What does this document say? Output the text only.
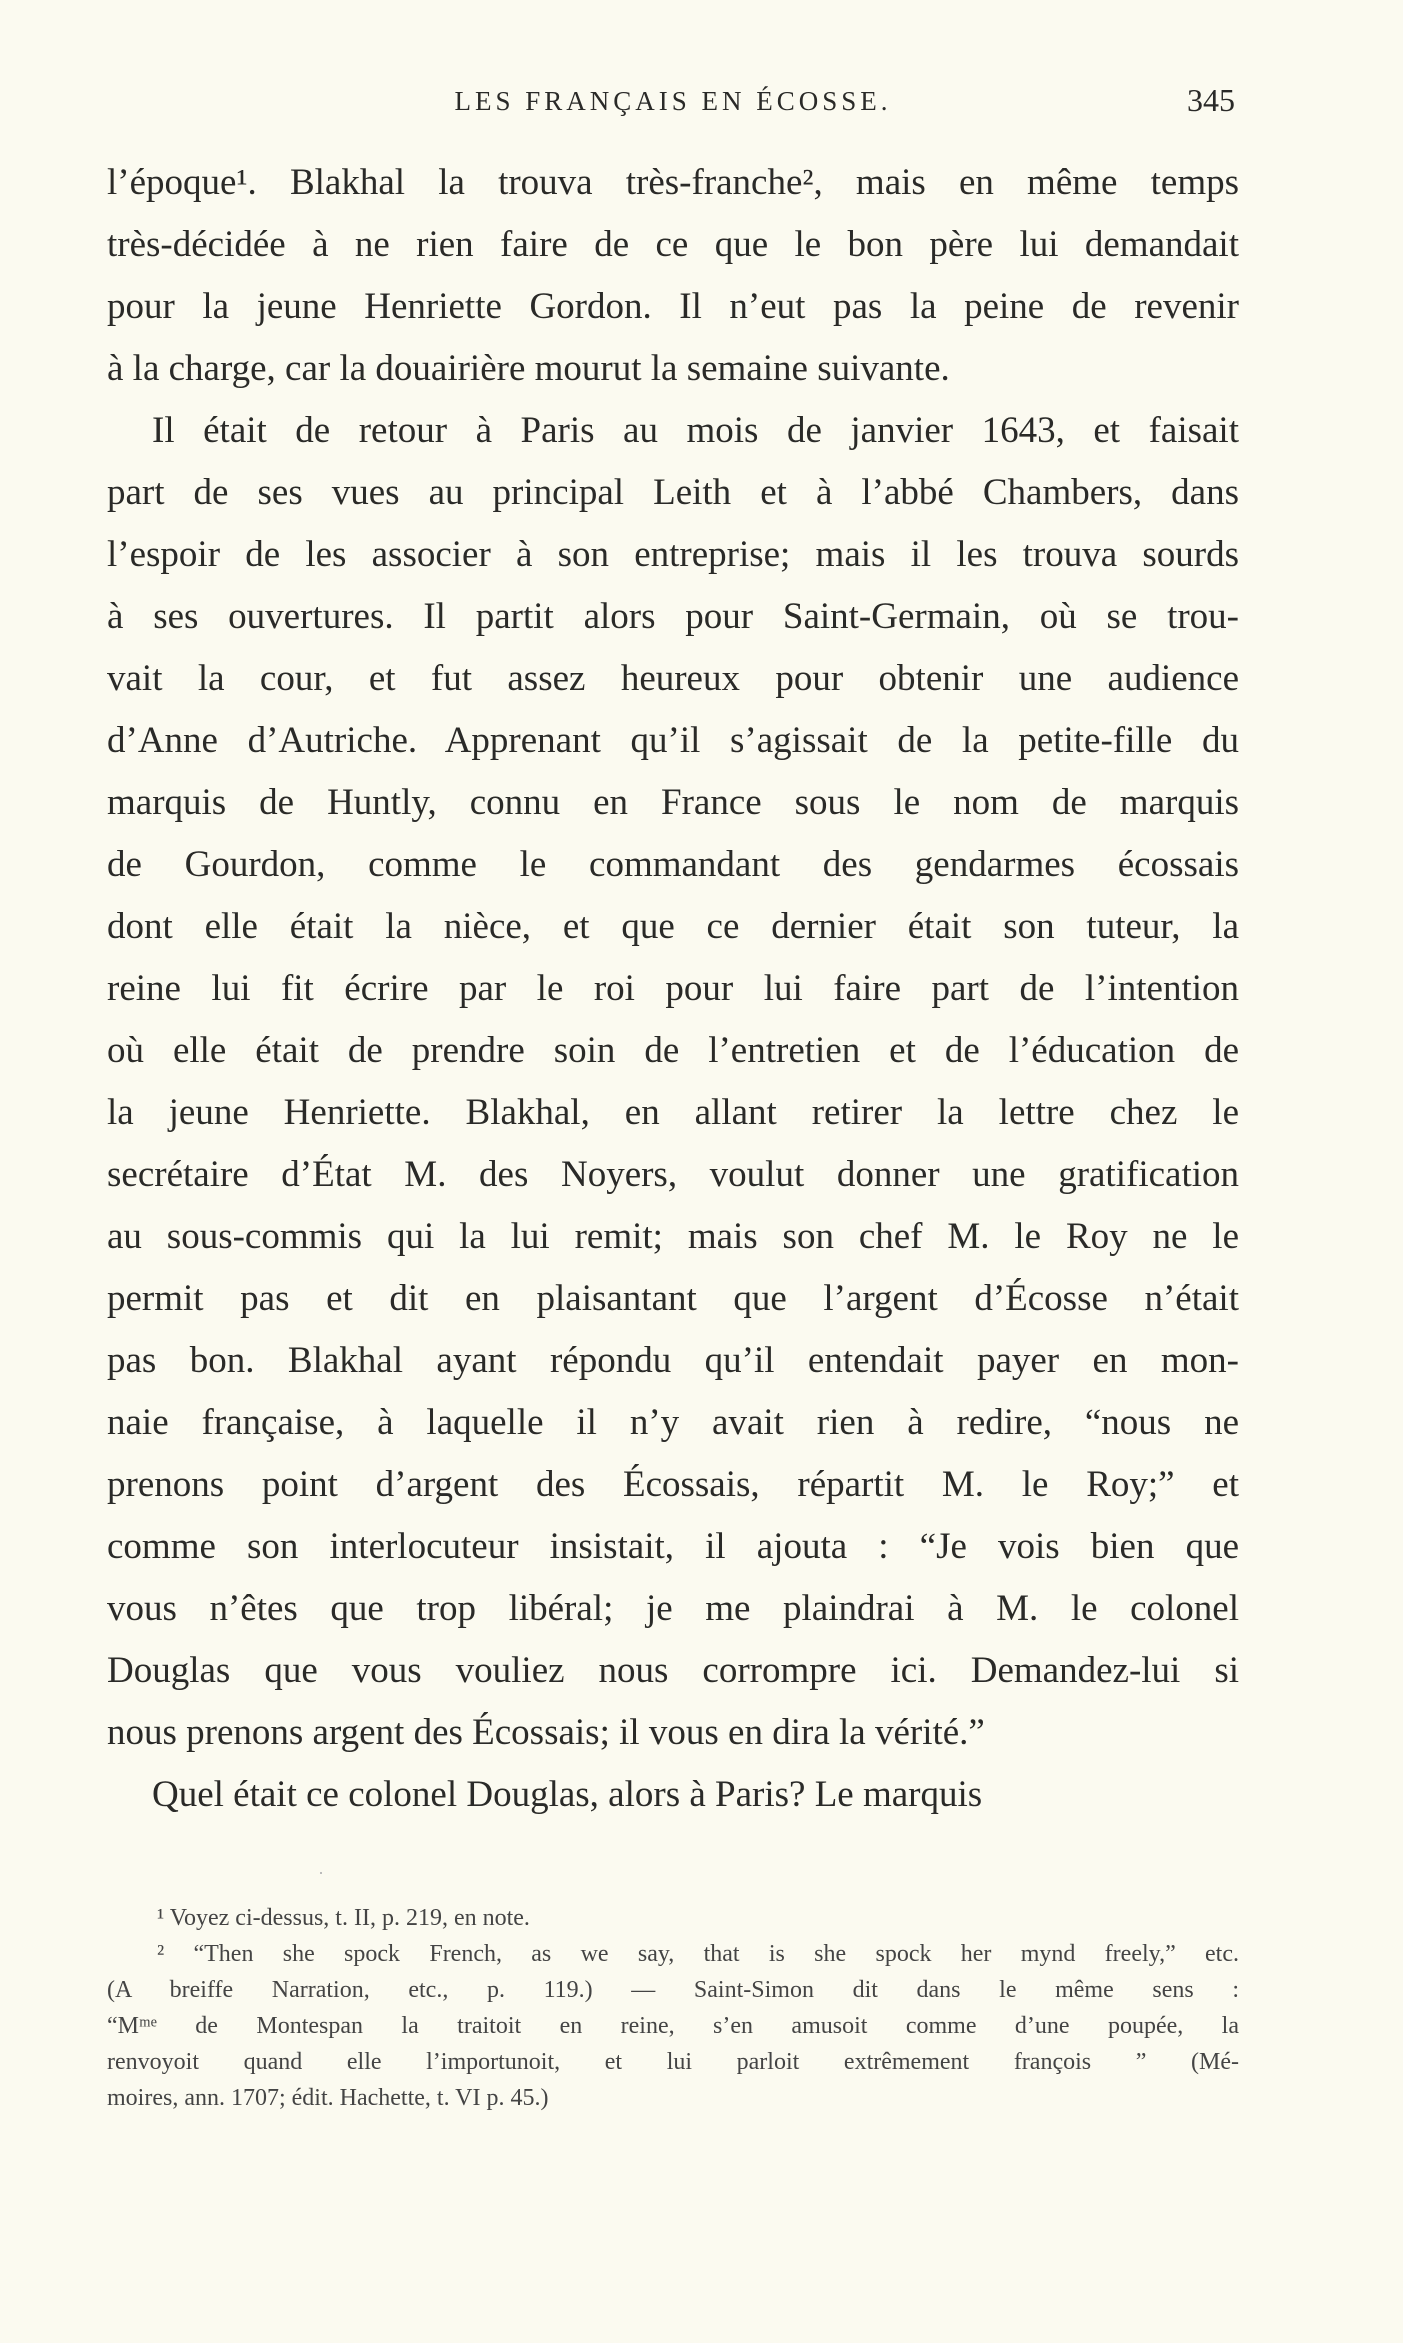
LES FRANÇAIS EN ÉCOSSE.	345
l’époque¹. Blakhal la trouva très-franche², mais en même temps
très-décidée à ne rien faire de ce que le bon père lui demandait
pour la jeune Henriette Gordon. Il n’eut pas la peine de revenir
à la charge, car la douairière mourut la semaine suivante.
Il était de retour à Paris au mois de janvier 1643, et faisait
part de ses vues au principal Leith et à l’abbé Chambers, dans
l’espoir de les associer à son entreprise; mais il les trouva sourds
à ses ouvertures. Il partit alors pour Saint-Germain, où se trou-
vait la cour, et fut assez heureux pour obtenir une audience
d’Anne d’Autriche. Apprenant qu’il s’agissait de la petite-fille du
marquis de Huntly, connu en France sous le nom de marquis
de Gourdon, comme le commandant des gendarmes écossais
dont elle était la nièce, et que ce dernier était son tuteur, la
reine lui fit écrire par le roi pour lui faire part de l’intention
où elle était de prendre soin de l’entretien et de l’éducation de
la jeune Henriette. Blakhal, en allant retirer la lettre chez le
secrétaire d’État M. des Noyers, voulut donner une gratification
au sous-commis qui la lui remit; mais son chef M. le Roy ne le
permit pas et dit en plaisantant que l’argent d’Écosse n’était
pas bon. Blakhal ayant répondu qu’il entendait payer en mon-
naie française, à laquelle il n’y avait rien à redire, “nous ne
prenons point d’argent des Écossais, répartit M. le Roy;” et
comme son interlocuteur insistait, il ajouta : “Je vois bien que
vous n’êtes que trop libéral; je me plaindrai à M. le colonel
Douglas que vous vouliez nous corrompre ici. Demandez-lui si
nous prenons argent des Écossais; il vous en dira la vérité.”
Quel était ce colonel Douglas, alors à Paris? Le marquis
¹ Voyez ci-dessus, t. II, p. 219, en note.
² “Then she spock French, as we say, that is she spock her mynd freely,” etc.
(A breiffe Narration, etc., p. 119.) — Saint-Simon dit dans le même sens :
“Mᵐᵉ de Montespan la traitoit en reine, s’en amusoit comme d’une poupée, la
renvoyoit quand elle l’importunoit, et lui parloit extrêmement françois ” (Mé-
moires, ann. 1707; édit. Hachette, t. VI p. 45.)
